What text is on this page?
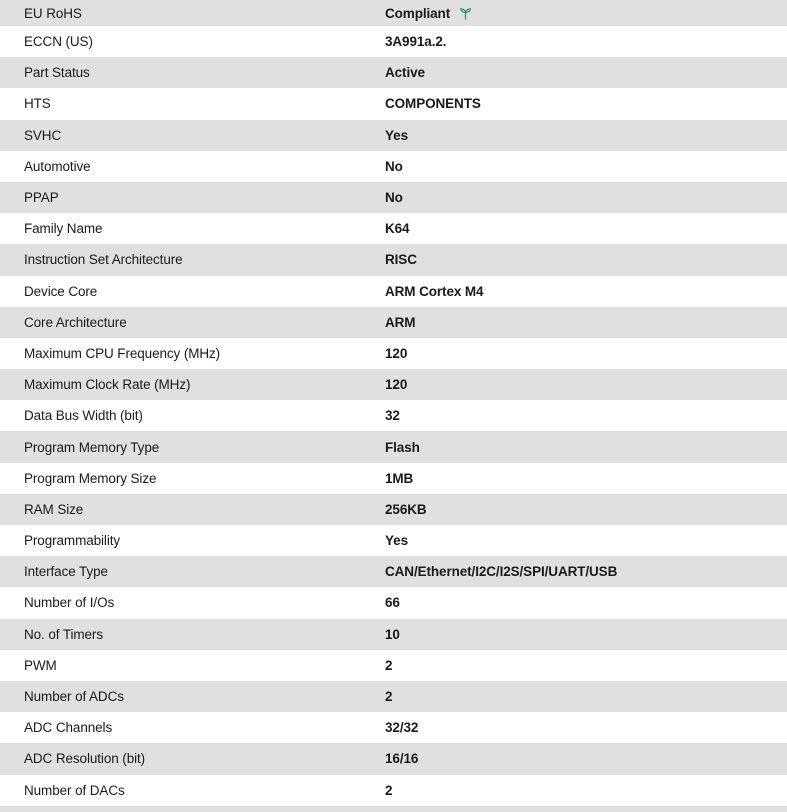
EU RoHS	Compliant
ECCN (US)	3A991a.2.
Part Status	Active
HTS	COMPONENTS
SVHC	Yes
Automotive	No
PPAP	No
Family Name	K64
Instruction Set Architecture	RISC
Device Core	ARM Cortex M4
Core Architecture	ARM
Maximum CPU Frequency (MHz)	120
Maximum Clock Rate (MHz)	120
Data Bus Width (bit)	32
Program Memory Type	Flash
Program Memory Size	1MB
RAM Size	256KB
Programmability	Yes
Interface Type	CAN/Ethernet/I2C/I2S/SPI/UART/USB
Number of I/Os	66
No. of Timers	10
PWM	2
Number of ADCs	2
ADC Channels	32/32
ADC Resolution (bit)	16/16
Number of DACs	2
